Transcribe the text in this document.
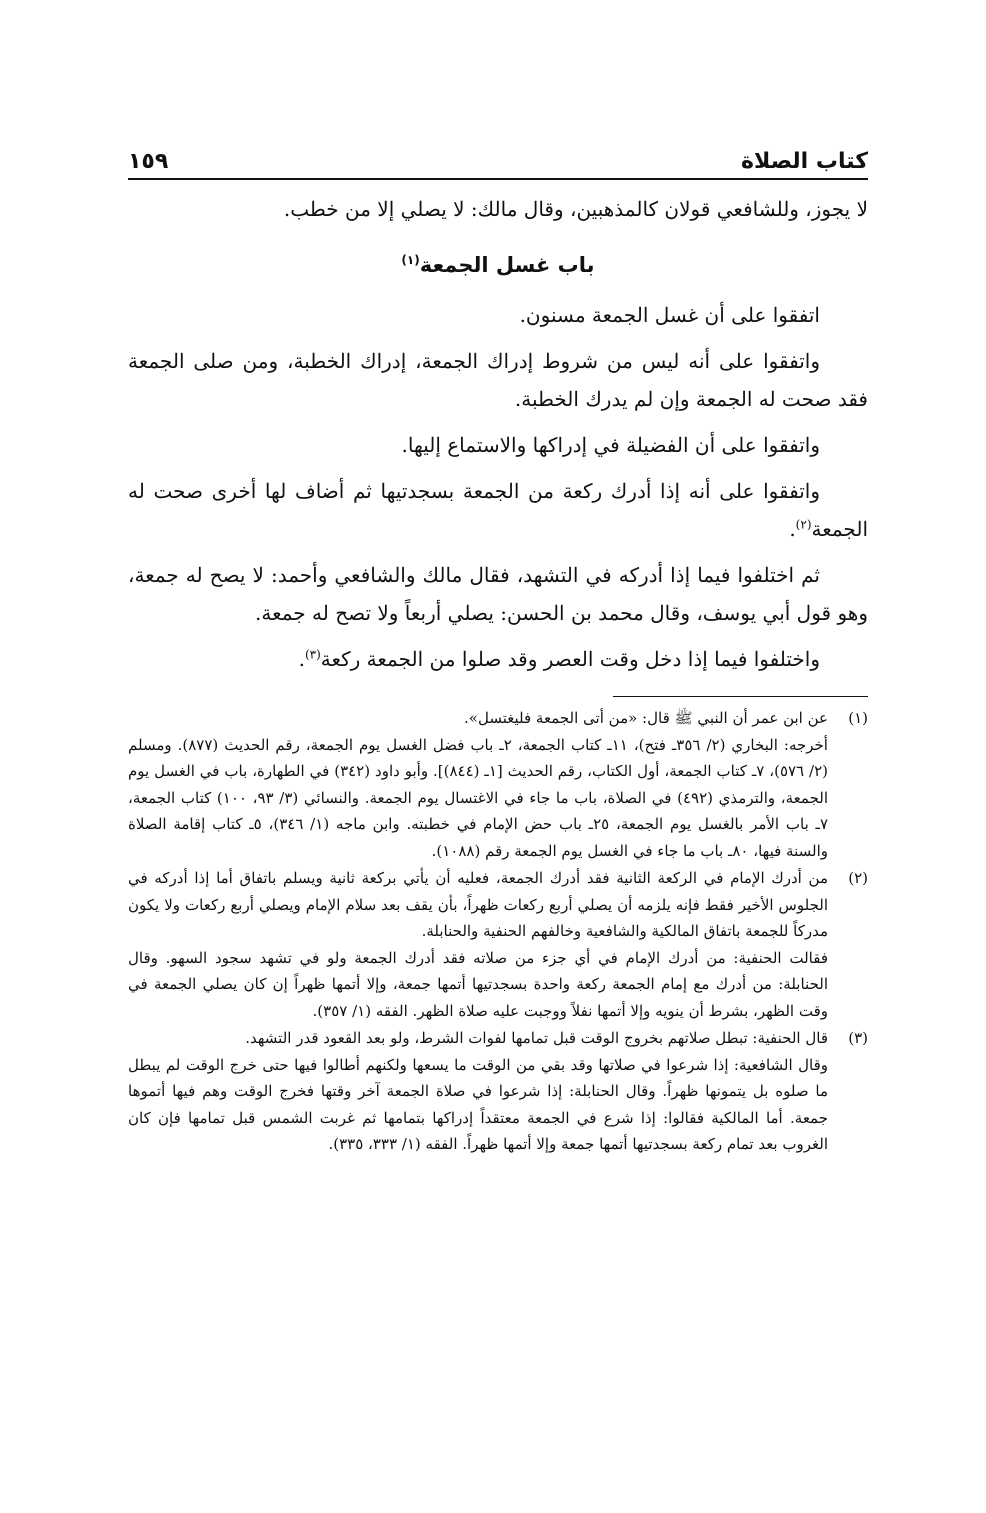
كتاب الصلاة
١٥٩

لا يجوز، وللشافعي قولان كالمذهبين، وقال مالك: لا يصلي إلا من خطب.

باب غسل الجمعة$^{(١)}$

اتفقوا على أن غسل الجمعة مسنون.

واتفقوا على أنه ليس من شروط إدراك الجمعة، إدراك الخطبة، ومن صلى الجمعة فقد صحت له الجمعة وإن لم يدرك الخطبة.

واتفقوا على أن الفضيلة في إدراكها والاستماع إليها.

واتفقوا على أنه إذا أدرك ركعة من الجمعة بسجدتيها ثم أضاف لها أخرى صحت له الجمعة$^{(٢)}$.

ثم اختلفوا فيما إذا أدركه في التشهد، فقال مالك والشافعي وأحمد: لا يصح له جمعة، وهو قول أبي يوسف، وقال محمد بن الحسن: يصلي أربعاً ولا تصح له جمعة.

واختلفوا فيما إذا دخل وقت العصر وقد صلوا من الجمعة ركعة$^{(٣)}$.

(١)
عن ابن عمر أن النبي ﷺ قال: «من أتى الجمعة فليغتسل».
أخرجه: البخاري (٢/ ٣٥٦ـ فتح)، ١١ـ كتاب الجمعة، ٢ـ باب فضل الغسل يوم الجمعة، رقم الحديث (٨٧٧). ومسلم (٢/ ٥٧٦)، ٧ـ كتاب الجمعة، أول الكتاب، رقم الحديث [١ـ (٨٤٤)]. وأبو داود (٣٤٢) في الطهارة، باب في الغسل يوم الجمعة، والترمذي (٤٩٢) في الصلاة، باب ما جاء في الاغتسال يوم الجمعة. والنسائي (٣/ ٩٣، ١٠٠) كتاب الجمعة، ٧ـ باب الأمر بالغسل يوم الجمعة، ٢٥ـ باب حض الإمام في خطبته. وابن ماجه (١/ ٣٤٦)، ٥ـ كتاب إقامة الصلاة والسنة فيها، ٨٠ـ باب ما جاء في الغسل يوم الجمعة رقم (١٠٨٨).
(٢)
من أدرك الإمام في الركعة الثانية فقد أدرك الجمعة، فعليه أن يأتي بركعة ثانية ويسلم باتفاق أما إذا أدركه في الجلوس الأخير فقط فإنه يلزمه أن يصلي أربع ركعات ظهراً، بأن يقف بعد سلام الإمام ويصلي أربع ركعات ولا يكون مدركاً للجمعة باتفاق المالكية والشافعية وخالفهم الحنفية والحنابلة.
فقالت الحنفية: من أدرك الإمام في أي جزء من صلاته فقد أدرك الجمعة ولو في تشهد سجود السهو. وقال الحنابلة: من أدرك مع إمام الجمعة ركعة واحدة بسجدتيها أتمها جمعة، وإلا أتمها ظهراً إن كان يصلي الجمعة في وقت الظهر، بشرط أن ينويه وإلا أتمها نفلاً ووجبت عليه صلاة الظهر. الفقه (١/ ٣٥٧).
(٣)
قال الحنفية: تبطل صلاتهم بخروج الوقت قبل تمامها لفوات الشرط، ولو بعد القعود قدر التشهد.
وقال الشافعية: إذا شرعوا في صلاتها وقد بقي من الوقت ما يسعها ولكنهم أطالوا فيها حتى خرج الوقت لم يبطل ما صلوه بل يتمونها ظهراً. وقال الحنابلة: إذا شرعوا في صلاة الجمعة آخر وقتها فخرج الوقت وهم فيها أتموها جمعة. أما المالكية فقالوا: إذا شرع في الجمعة معتقداً إدراكها بتمامها ثم غربت الشمس قبل تمامها فإن كان الغروب بعد تمام ركعة بسجدتيها أتمها جمعة وإلا أتمها ظهراً. الفقه (١/ ٣٣٣، ٣٣٥).
